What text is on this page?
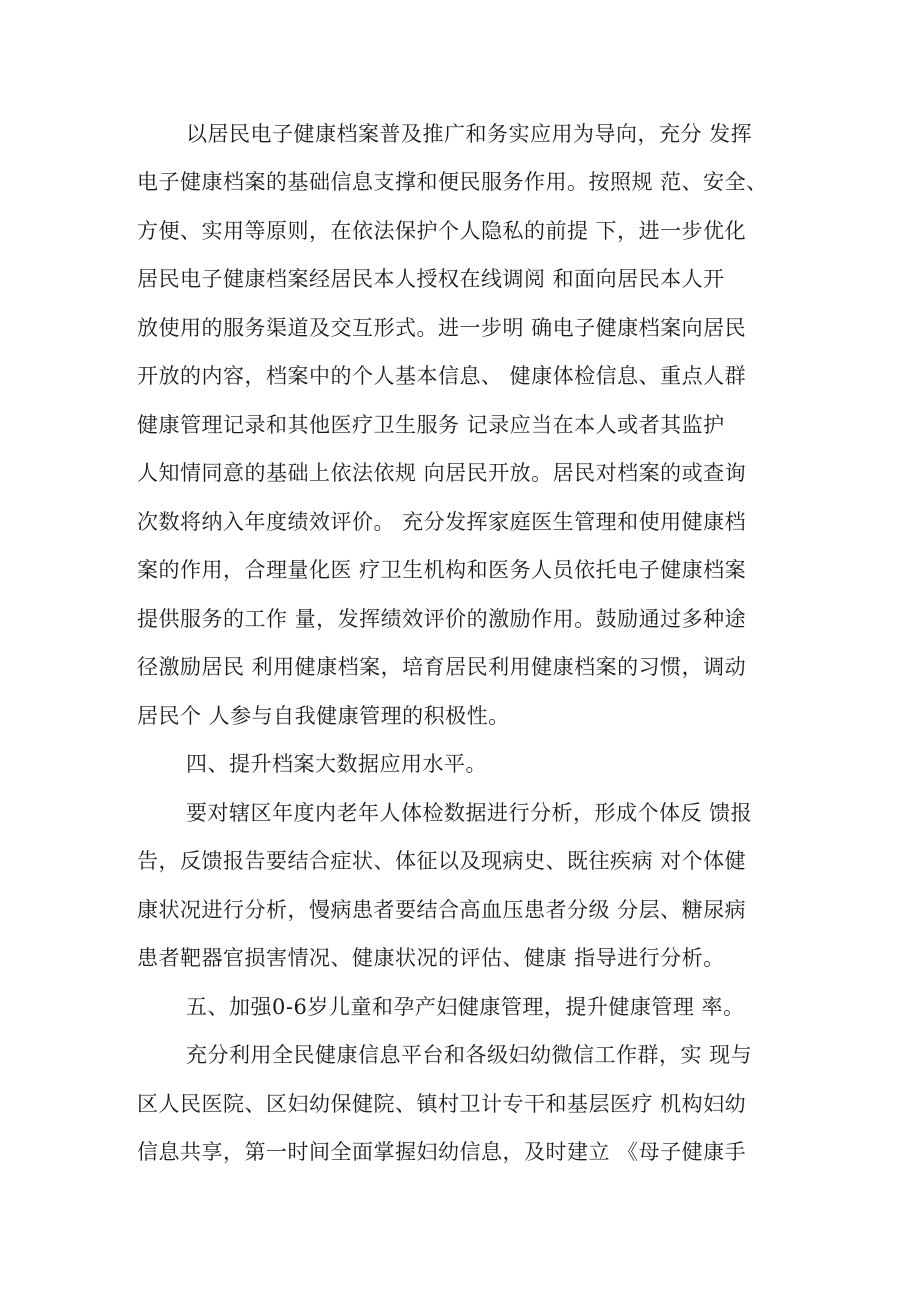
以居民电子健康档案普及推广和务实应用为导向，充分 发挥
电子健康档案的基础信息支撑和便民服务作用。按照规 范、安全、
方便、实用等原则，在依法保护个人隐私的前提 下，进一步优化
居民电子健康档案经居民本人授权在线调阅 和面向居民本人开
放使用的服务渠道及交互形式。进一步明 确电子健康档案向居民
开放的内容，档案中的个人基本信息、 健康体检信息、重点人群
健康管理记录和其他医疗卫生服务 记录应当在本人或者其监护
人知情同意的基础上依法依规 向居民开放。居民对档案的或查询
次数将纳入年度绩效评价。 充分发挥家庭医生管理和使用健康档
案的作用，合理量化医 疗卫生机构和医务人员依托电子健康档案
提供服务的工作 量，发挥绩效评价的激励作用。鼓励通过多种途
径激励居民 利用健康档案，培育居民利用健康档案的习惯，调动
居民个 人参与自我健康管理的积极性。
四、提升档案大数据应用水平。
要对辖区年度内老年人体检数据进行分析，形成个体反 馈报
告，反馈报告要结合症状、体征以及现病史、既往疾病 对个体健
康状况进行分析，慢病患者要结合高血压患者分级 分层、糖尿病
患者靶器官损害情况、健康状况的评估、健康 指导进行分析。
五、加强0-6岁儿童和孕产妇健康管理，提升健康管理 率。
充分利用全民健康信息平台和各级妇幼微信工作群，实 现与
区人民医院、区妇幼保健院、镇村卫计专干和基层医疗 机构妇幼
信息共享，第一时间全面掌握妇幼信息，及时建立 《母子健康手
